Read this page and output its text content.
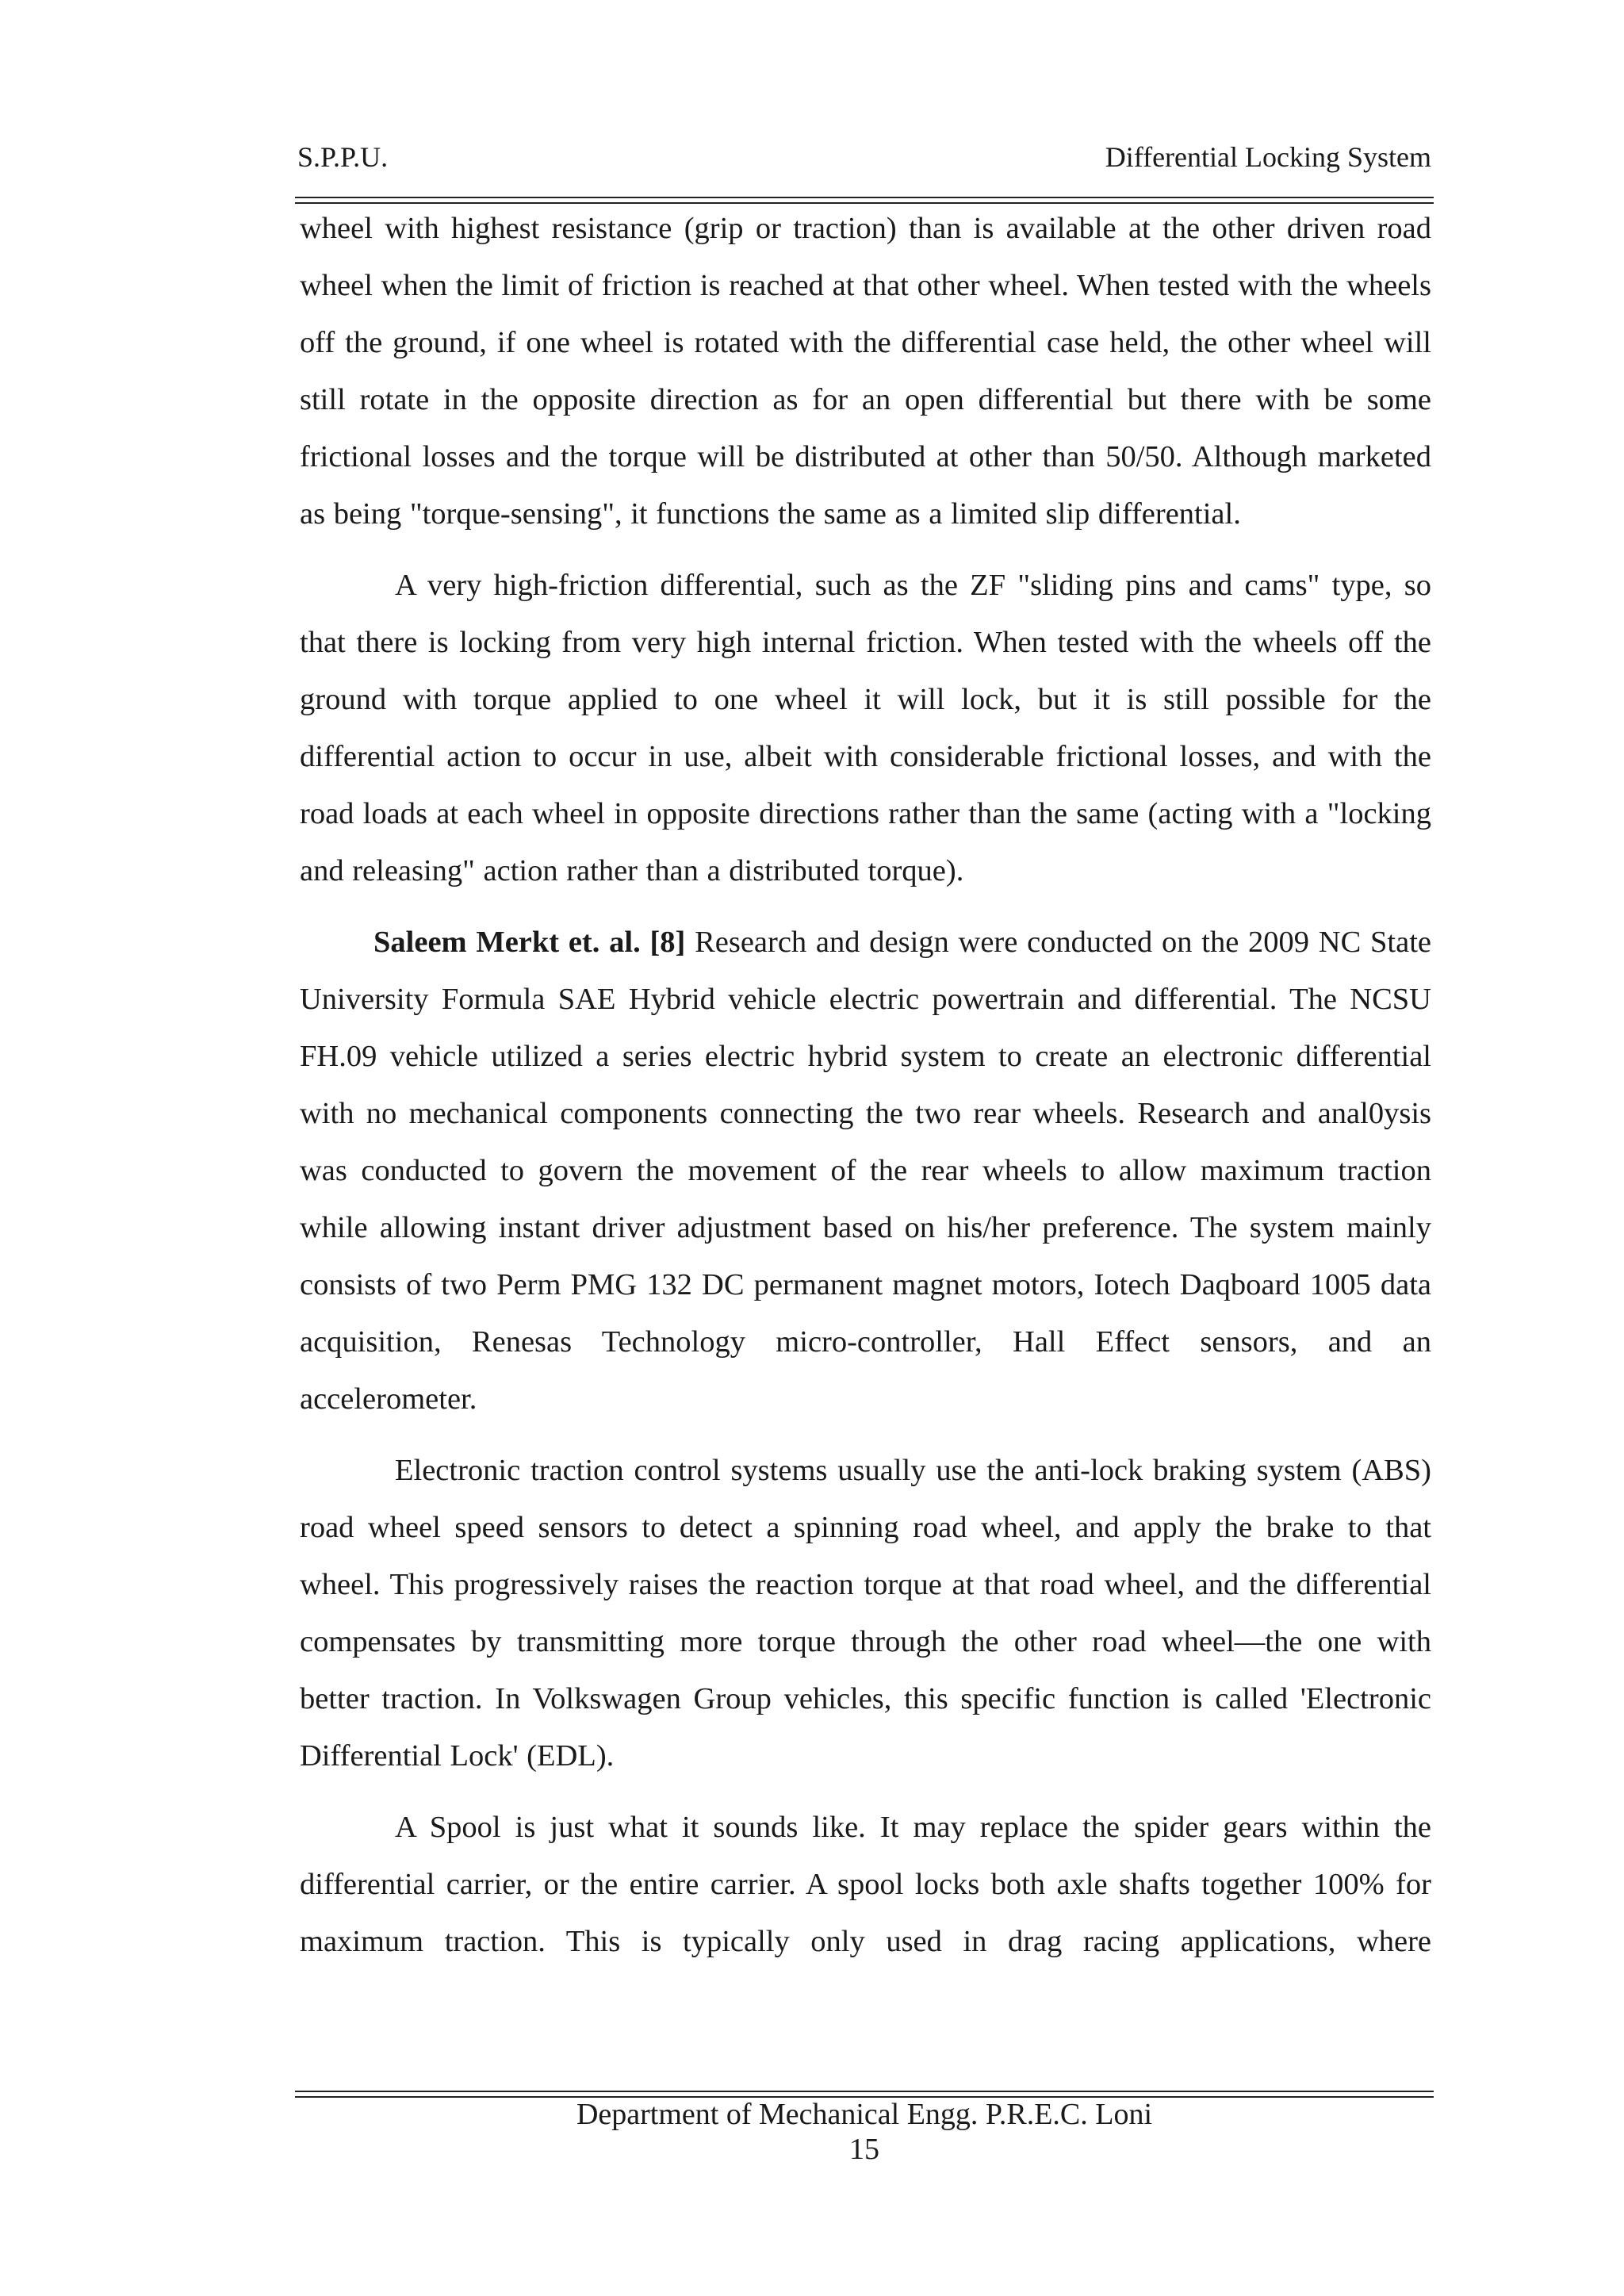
S.P.P.U.	Differential Locking System

wheel with highest resistance (grip or traction) than is available at the other driven road wheel when the limit of friction is reached at that other wheel. When tested with the wheels off the ground, if one wheel is rotated with the differential case held, the other wheel will still rotate in the opposite direction as for an open differential but there with be some frictional losses and the torque will be distributed at other than 50/50. Although marketed as being "torque-sensing", it functions the same as a limited slip differential.

A very high-friction differential, such as the ZF "sliding pins and cams" type, so that there is locking from very high internal friction. When tested with the wheels off the ground with torque applied to one wheel it will lock, but it is still possible for the differential action to occur in use, albeit with considerable frictional losses, and with the road loads at each wheel in opposite directions rather than the same (acting with a "locking and releasing" action rather than a distributed torque).

Saleem Merkt et. al. [8] Research and design were conducted on the 2009 NC State University Formula SAE Hybrid vehicle electric powertrain and differential. The NCSU FH.09 vehicle utilized a series electric hybrid system to create an electronic differential with no mechanical components connecting the two rear wheels. Research and anal0ysis was conducted to govern the movement of the rear wheels to allow maximum traction while allowing instant driver adjustment based on his/her preference. The system mainly consists of two Perm PMG 132 DC permanent magnet motors, Iotech Daqboard 1005 data acquisition, Renesas Technology micro-controller, Hall Effect sensors, and an accelerometer.

Electronic traction control systems usually use the anti-lock braking system (ABS) road wheel speed sensors to detect a spinning road wheel, and apply the brake to that wheel. This progressively raises the reaction torque at that road wheel, and the differential compensates by transmitting more torque through the other road wheel—the one with better traction. In Volkswagen Group vehicles, this specific function is called 'Electronic Differential Lock' (EDL).

A Spool is just what it sounds like. It may replace the spider gears within the differential carrier, or the entire carrier. A spool locks both axle shafts together 100% for maximum traction. This is typically only used in drag racing applications, where

Department of Mechanical Engg. P.R.E.C. Loni
15
